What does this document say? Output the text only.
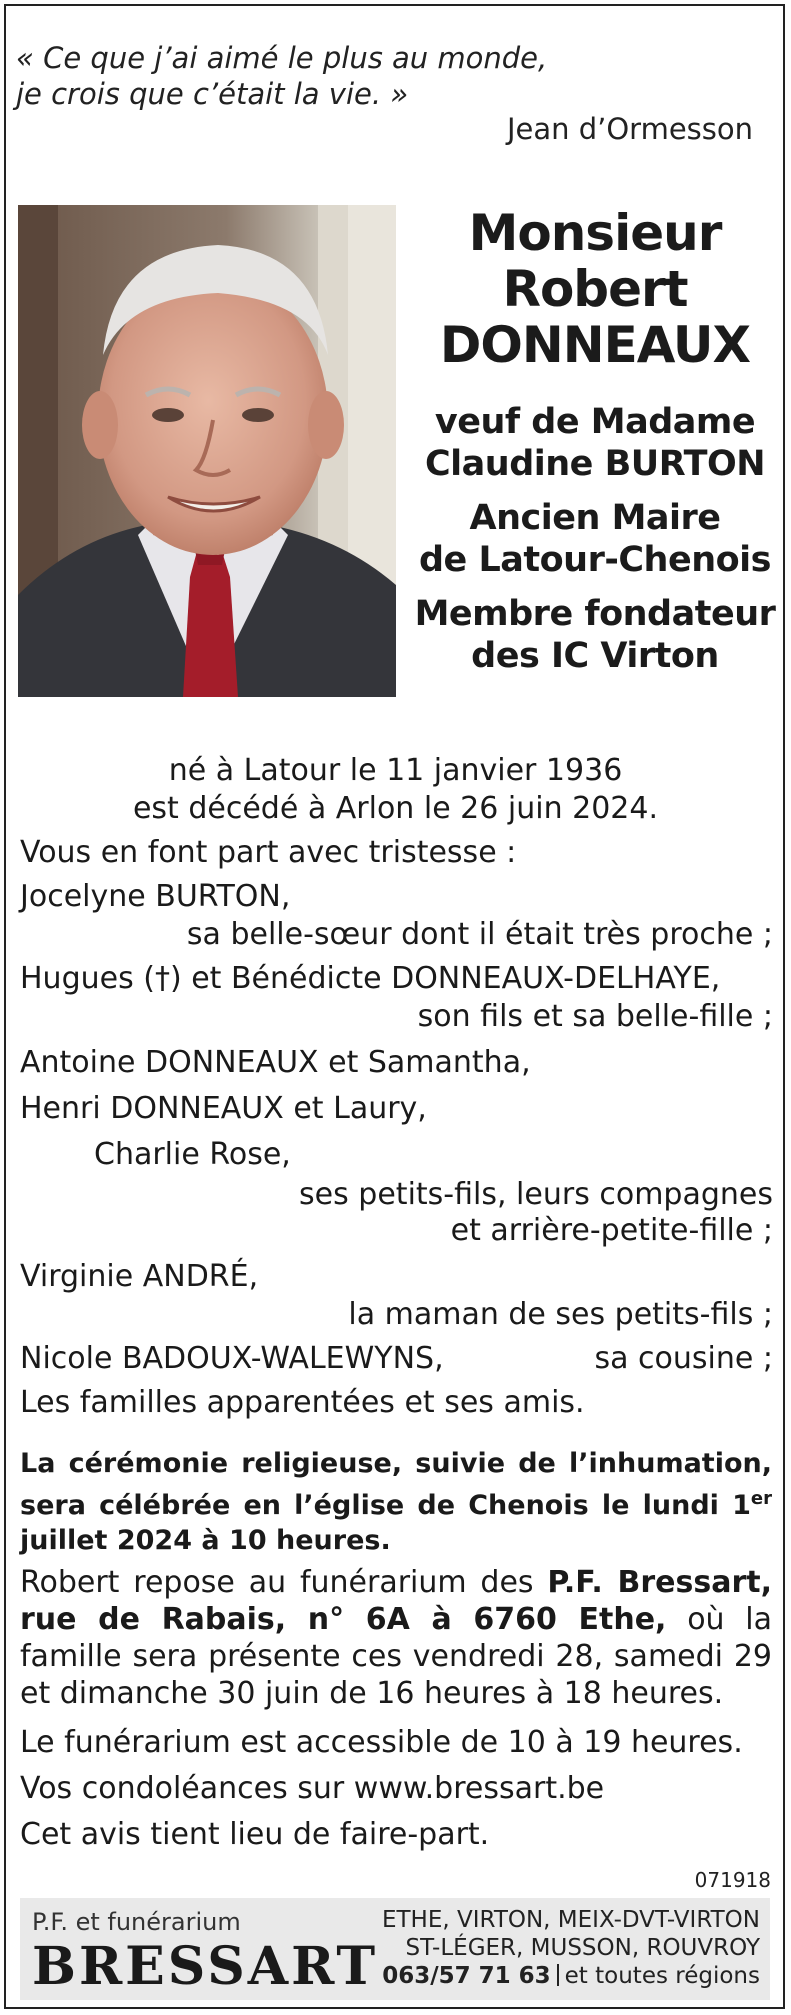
« Ce que j’ai aimé le plus au monde,
je crois que c’était la vie. »
Jean d’Ormesson
Monsieur
Robert
DONNEAUX
veuf de Madame
Claudine BURTON
Ancien Maire
de Latour-Chenois
Membre fondateur
des IC Virton
né à Latour le 11 janvier 1936
est décédé à Arlon le 26 juin 2024.
Vous en font part avec tristesse :
Jocelyne BURTON,
sa belle-sœur dont il était très proche ;
Hugues (†) et Bénédicte DONNEAUX-DELHAYE,
son fils et sa belle-fille ;
Antoine DONNEAUX et Samantha,
Henri DONNEAUX et Laury,
Charlie Rose,
ses petits-fils, leurs compagnes
et arrière-petite-fille ;
Virginie ANDRÉ,
la maman de ses petits-fils ;
Nicole BADOUX-WALEWYNS,	sa cousine ;
Les familles apparentées et ses amis.
La cérémonie religieuse, suivie de l’inhumation, sera célébrée en l’église de Chenois le lundi 1er juillet 2024 à 10 heures.
Robert repose au funérarium des P.F. Bressart, rue de Rabais, n° 6A à 6760 Ethe, où la famille sera présente ces vendredi 28, samedi 29 et dimanche 30 juin de 16 heures à 18 heures.
Le funérarium est accessible de 10 à 19 heures.
Vos condoléances sur www.bressart.be
Cet avis tient lieu de faire-part.
071918
P.F. et funérarium
BRESSART
ETHE, VIRTON, MEIX-DVT-VIRTON
ST-LÉGER, MUSSON, ROUVROY
063/57 71 63 et toutes régions
